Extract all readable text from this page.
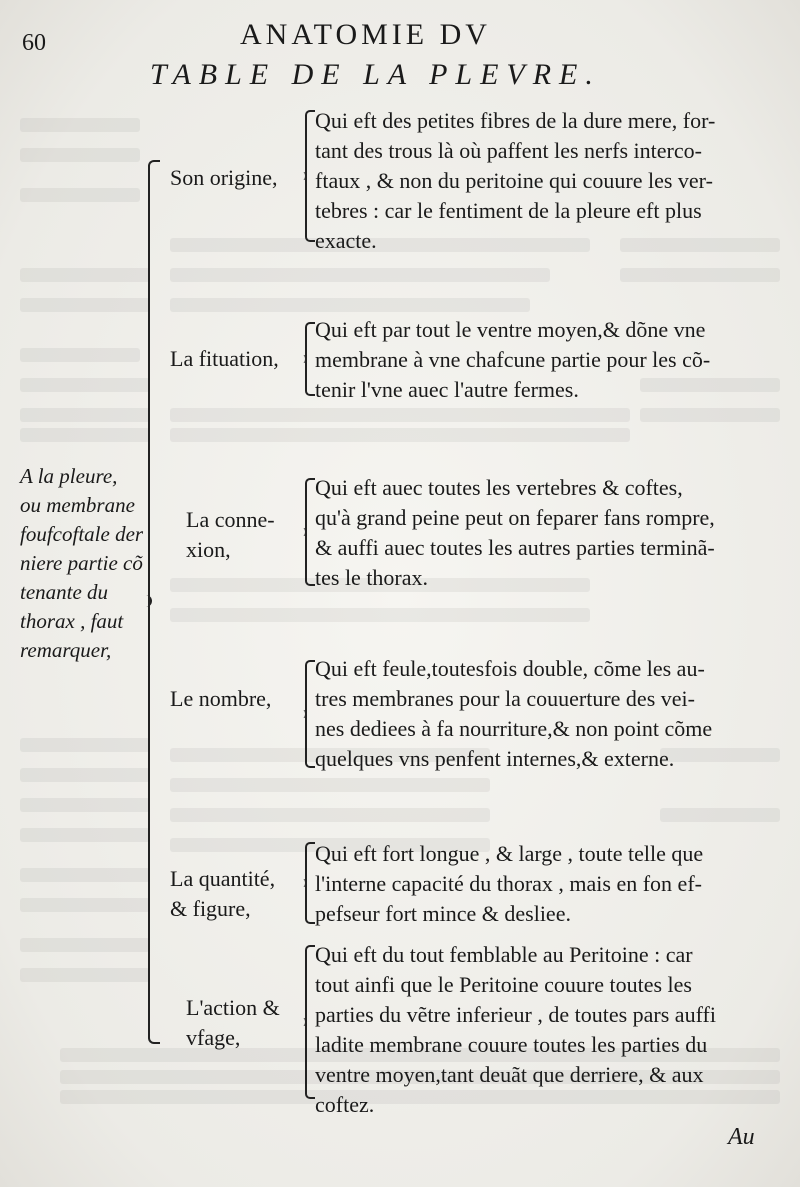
60	ANATOMIE DV
TABLE DE LA PLEVRE.
A la pleure,
ou membrane
foufcoftale der
niere partie cõ
tenante du
thorax , faut
remarquer,
Son origine,
Qui eft des petites fibres de la dure mere, for-
tant des trous là où paffent les nerfs interco-
ftaux , & non du peritoine qui couure les ver-
tebres : car le fentiment de la pleure eft plus
exacte.
La fituation,
Qui eft par tout le ventre moyen,& dõne vne
membrane à vne chafcune partie pour les cõ-
tenir l'vne auec l'autre fermes.
La conne-
xion,
Qui eft auec toutes les vertebres & coftes,
qu'à grand peine peut on feparer fans rompre,
& auffi auec toutes les autres parties terminã-
tes le thorax.
Le nombre,
Qui eft feule,toutesfois double, cõme les au-
tres membranes pour la couuerture des vei-
nes dediees à fa nourriture,& non point cõme
quelques vns penfent internes,& externe.
La quantité,
& figure,
Qui eft fort longue , & large , toute telle que
l'interne capacité du thorax , mais en fon ef-
pefseur fort mince & desliee.
L'action &
vfage,
Qui eft du tout femblable au Peritoine : car
tout ainfi que le Peritoine couure toutes les
parties du vẽtre inferieur , de toutes pars auffi
ladite membrane couure toutes les parties du
ventre moyen,tant deuãt que derriere, & aux
coftez.
Au
